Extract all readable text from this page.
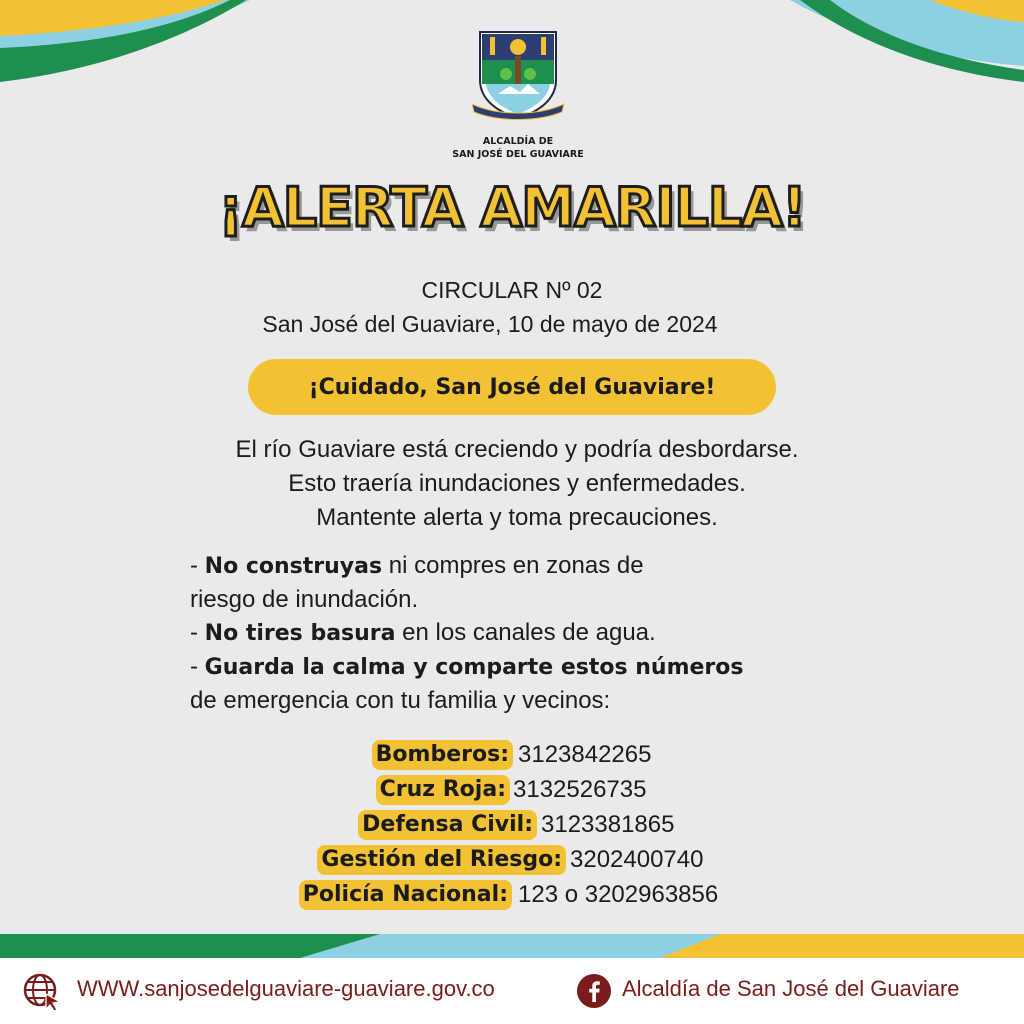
ALCALDÍA DE
SAN JOSÉ DEL GUAVIARE
¡ALERTA AMARILLA!
CIRCULAR Nº 02
San José del Guaviare, 10 de mayo de 2024
¡Cuidado, San José del Guaviare!
El río Guaviare está creciendo y podría desbordarse.
Esto traería inundaciones y enfermedades.
Mantente alerta y toma precauciones.

- No construyas ni compres en zonas de

riesgo de inundación.

- No tires basura en los canales de agua.

- Guarda la calma y comparte estos números

de emergencia con tu familia y vecinos:

Bomberos: 3123842265
Cruz Roja: 3132526735
Defensa Civil: 3123381865
Gestión del Riesgo: 3202400740
Policía Nacional: 123 o 3202963856
WWW.sanjosedelguaviare-guaviare.gov.co	Alcaldía de San José del Guaviare
